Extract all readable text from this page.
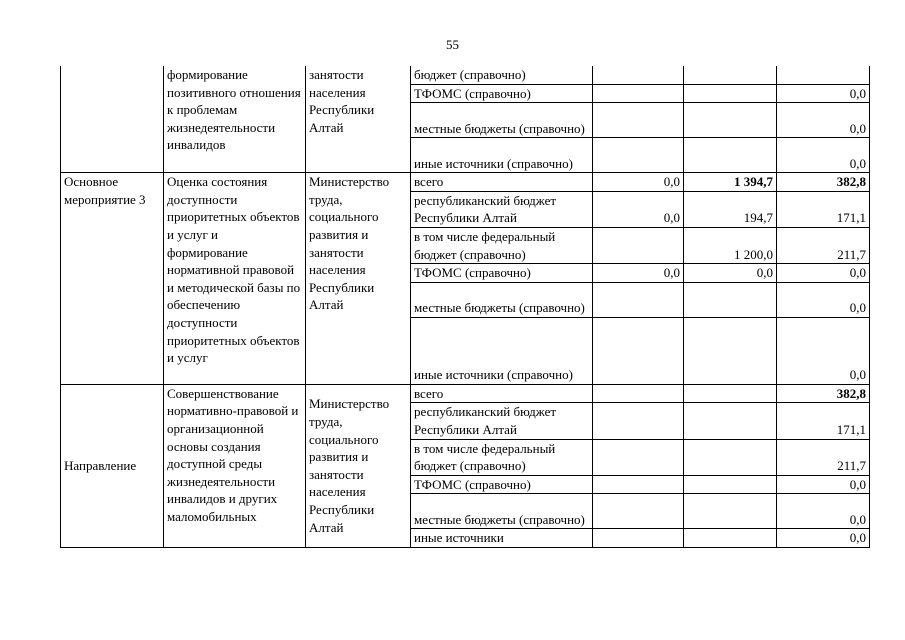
55
	формирование позитивного отношения к проблемам жизнедеятельности инвалидов	занятости населения Республики Алтай	бюджет (справочно)			
			ТФОМС (справочно)			0,0
			местные бюджеты (справочно)			0,0
			иные источники (справочно)			0,0
Основное мероприятие 3	Оценка состояния доступности приоритетных объектов и услуг и формирование нормативной правовой и методической базы по обеспечению доступности приоритетных объектов и услуг	Министерство труда, социального развития и занятости населения Республики Алтай	всего	0,0	1 394,7	382,8
			республиканский бюджет Республики Алтай	0,0	194,7	171,1
			в том числе федеральный бюджет (справочно)		1 200,0	211,7
			ТФОМС (справочно)	0,0	0,0	0,0
			местные бюджеты (справочно)			0,0
			иные источники (справочно)			0,0
Направление	Совершенствование нормативно-правовой и организационной основы создания доступной среды жизнедеятельности инвалидов и других маломобильных	Министерство труда, социального развития и занятости населения Республики Алтай	всего			382,8
			республиканский бюджет Республики Алтай			171,1
			в том числе федеральный бюджет (справочно)			211,7
			ТФОМС (справочно)			0,0
			местные бюджеты (справочно)			0,0
			иные источники			0,0
